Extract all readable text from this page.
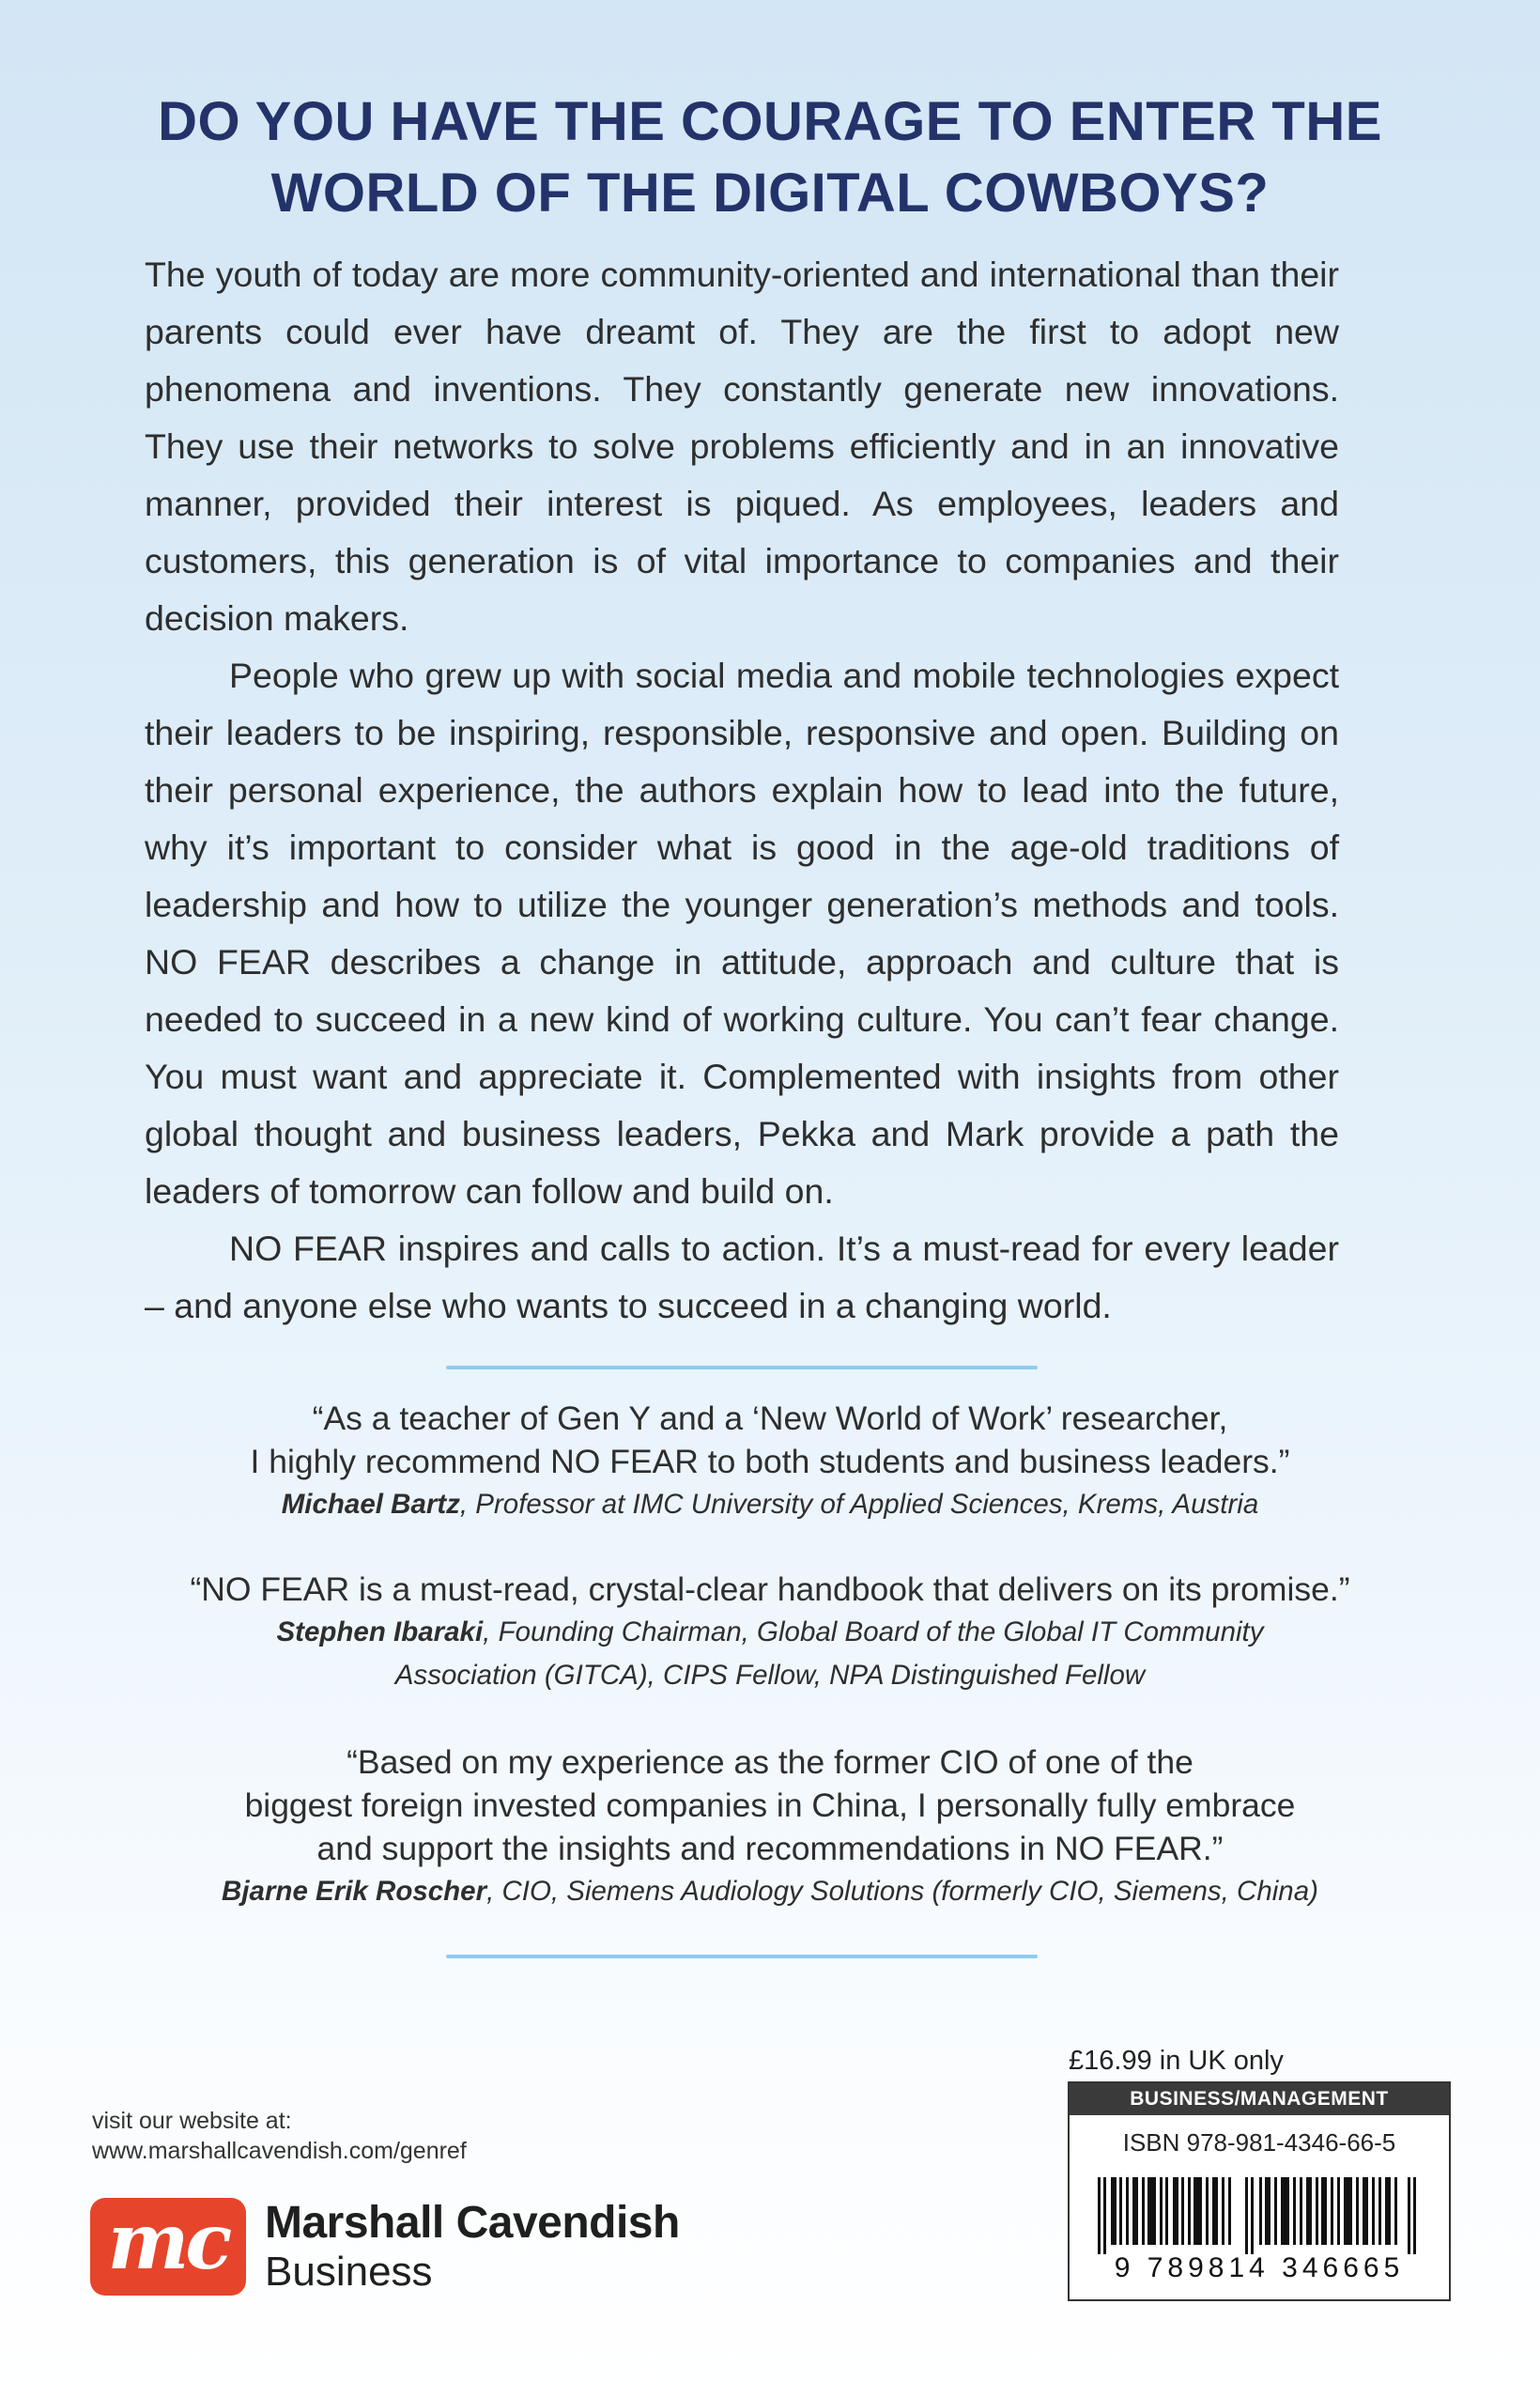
DO YOU HAVE THE COURAGE TO ENTER THE
WORLD OF THE DIGITAL COWBOYS?

The youth of today are more community-oriented and international than their parents could ever have dreamt of. They are the first to adopt new phenomena and inventions. They constantly generate new innovations. They use their networks to solve problems efficiently and in an innovative manner, provided their interest is piqued. As employees, leaders and customers, this generation is of vital importance to companies and their decision makers.

People who grew up with social media and mobile technologies expect their leaders to be inspiring, responsible, responsive and open. Building on their personal experience, the authors explain how to lead into the future, why it’s important to consider what is good in the age-old traditions of leadership and how to utilize the younger generation’s methods and tools. NO FEAR describes a change in attitude, approach and culture that is needed to succeed in a new kind of working culture. You can’t fear change. You must want and appreciate it. Complemented with insights from other global thought and business leaders, Pekka and Mark provide a path the leaders of tomorrow can follow and build on.

NO FEAR inspires and calls to action. It’s a must-read for every leader – and anyone else who wants to succeed in a changing world.

“As a teacher of Gen Y and a ‘New World of Work’ researcher,
I highly recommend NO FEAR to both students and business leaders.”

Michael Bartz, Professor at IMC University of Applied Sciences, Krems, Austria

“NO FEAR is a must-read, crystal-clear handbook that delivers on its promise.”

Stephen Ibaraki, Founding Chairman, Global Board of the Global IT Community
Association (GITCA), CIPS Fellow, NPA Distinguished Fellow

“Based on my experience as the former CIO of one of the
biggest foreign invested companies in China, I personally fully embrace
and support the insights and recommendations in NO FEAR.”

Bjarne Erik Roscher, CIO, Siemens Audiology Solutions (formerly CIO, Siemens, China)

visit our website at:
www.marshallcavendish.com/genref
mc Marshall Cavendish
Business
£16.99 in UK only
BUSINESS/MANAGEMENT
ISBN 978-981-4346-66-5
9 789814 346665
